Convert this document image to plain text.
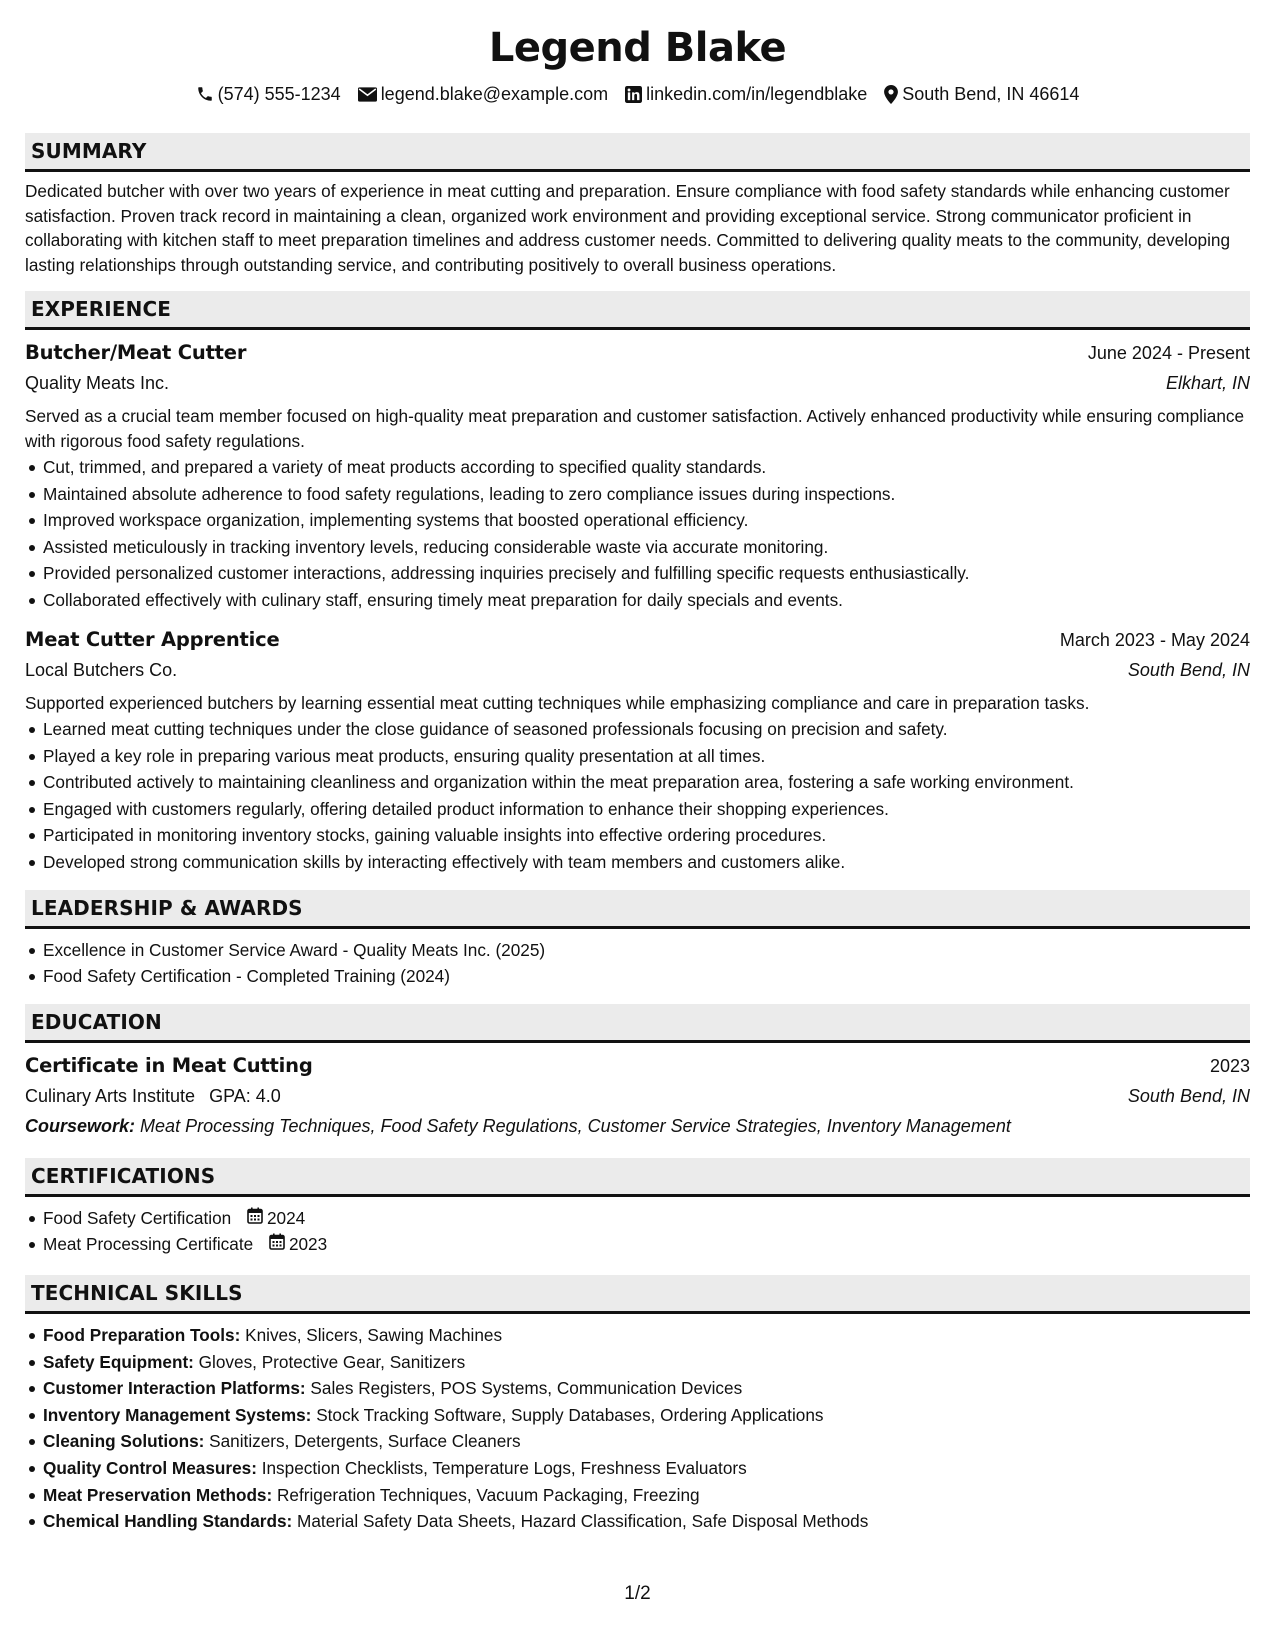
Legend Blake
(574) 555-1234 legend.blake@example.com linkedin.com/in/legendblake South Bend, IN 46614
SUMMARY

Dedicated butcher with over two years of experience in meat cutting and preparation. Ensure compliance with food safety standards while enhancing customer satisfaction. Proven track record in maintaining a clean, organized work environment and providing exceptional service. Strong communicator proficient in collaborating with kitchen staff to meet preparation timelines and address customer needs. Committed to delivering quality meats to the community, developing lasting relationships through outstanding service, and contributing positively to overall business operations.

EXPERIENCE
Butcher/Meat Cutter	June 2024 - Present
Quality Meats Inc.	Elkhart, IN

Served as a crucial team member focused on high-quality meat preparation and customer satisfaction. Actively enhanced productivity while ensuring compliance with rigorous food safety regulations.

Cut, trimmed, and prepared a variety of meat products according to specified quality standards.
Maintained absolute adherence to food safety regulations, leading to zero compliance issues during inspections.
Improved workspace organization, implementing systems that boosted operational efficiency.
Assisted meticulously in tracking inventory levels, reducing considerable waste via accurate monitoring.
Provided personalized customer interactions, addressing inquiries precisely and fulfilling specific requests enthusiastically.
Collaborated effectively with culinary staff, ensuring timely meat preparation for daily specials and events.
Meat Cutter Apprentice	March 2023 - May 2024
Local Butchers Co.	South Bend, IN

Supported experienced butchers by learning essential meat cutting techniques while emphasizing compliance and care in preparation tasks.

Learned meat cutting techniques under the close guidance of seasoned professionals focusing on precision and safety.
Played a key role in preparing various meat products, ensuring quality presentation at all times.
Contributed actively to maintaining cleanliness and organization within the meat preparation area, fostering a safe working environment.
Engaged with customers regularly, offering detailed product information to enhance their shopping experiences.
Participated in monitoring inventory stocks, gaining valuable insights into effective ordering procedures.
Developed strong communication skills by interacting effectively with team members and customers alike.
LEADERSHIP & AWARDS
Excellence in Customer Service Award - Quality Meats Inc. (2025)
Food Safety Certification - Completed Training (2024)
EDUCATION
Certificate in Meat Cutting	2023
Culinary Arts Institute GPA: 4.0	South Bend, IN
Coursework: Meat Processing Techniques, Food Safety Regulations, Customer Service Strategies, Inventory Management
CERTIFICATIONS
Food Safety Certification 2024
Meat Processing Certificate 2023
TECHNICAL SKILLS
Food Preparation Tools: Knives, Slicers, Sawing Machines
Safety Equipment: Gloves, Protective Gear, Sanitizers
Customer Interaction Platforms: Sales Registers, POS Systems, Communication Devices
Inventory Management Systems: Stock Tracking Software, Supply Databases, Ordering Applications
Cleaning Solutions: Sanitizers, Detergents, Surface Cleaners
Quality Control Measures: Inspection Checklists, Temperature Logs, Freshness Evaluators
Meat Preservation Methods: Refrigeration Techniques, Vacuum Packaging, Freezing
Chemical Handling Standards: Material Safety Data Sheets, Hazard Classification, Safe Disposal Methods
1/2
